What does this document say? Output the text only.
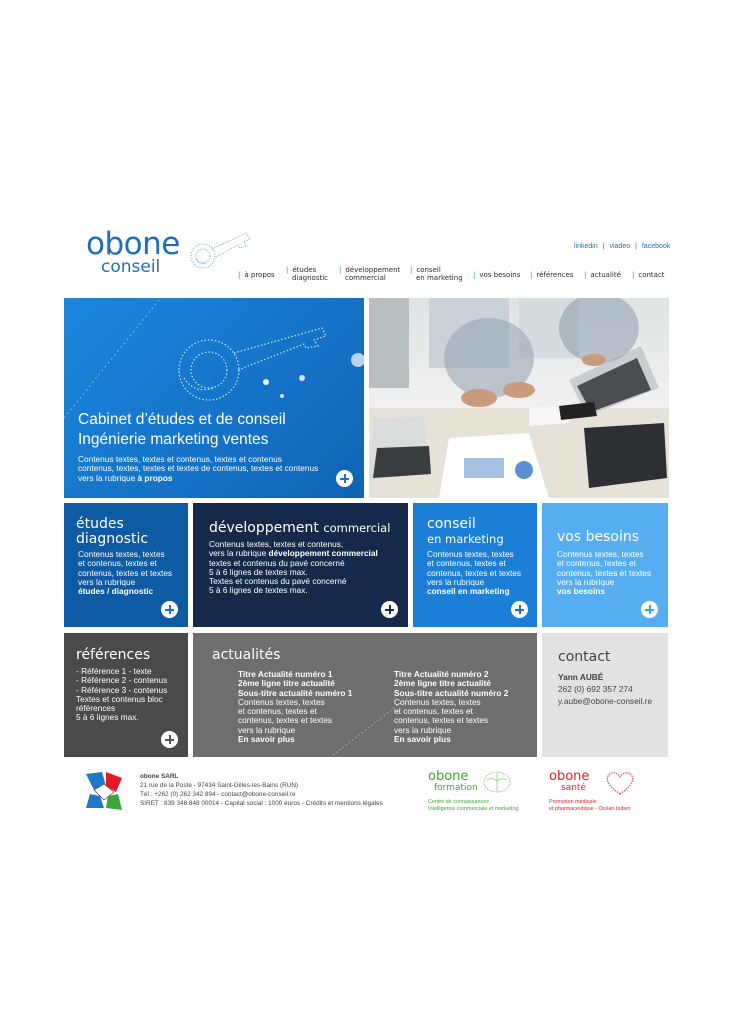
obone
conseil
linkedin | viadeo | facebook
| à propos
| études
diagnostic
| développement
commercial
| conseil
en marketing | vos besoins | références | actualité | contact
Cabinet d’études et de conseil
Ingénierie marketing ventes
Contenus textes, textes et contenus, textes et contenus
contenus, textes, textes et textes de contenus, textes et contenus
vers la rubrique à propos
études
diagnostic
Contenus textes, textes
et contenus, textes et
contenus, textes et textes
vers la rubrique
études / diagnostic
développement commercial
Contenus textes, textes et contenus,
vers la rubrique développement commercial
textes et contenus du pavé concerné
5 à 6 lignes de textes max.
Textes et contenus du pavé concerné
5 à 6 lignes de textes max.
conseil
en marketing
Contenus textes, textes
et contenus, textes et
contenus, textes et textes
vers la rubrique
conseil en marketing
vos besoins
Contenus textes, textes
et contenus, textes et
contenus, textes et textes
vers la rubrique
vos besoins
références
- Référence 1 - texte
- Référence 2 - contenus
- Référence 3 - contenus
Textes et contenus bloc
références
5 à 6 lignes max.
actualités
Titre Actualité numéro 1
2ème ligne titre actualité
Sous-titre actualité numéro 1
Contenus textes, textes
et contenus, textes et
contenus, textes et textes
vers la rubrique
En savoir plus
Titre Actualité numéro 2
2ème ligne titre actualité
Sous-titre actualité numéro 2
Contenus textes, textes
et contenus, textes et
contenus, textes et textes
vers la rubrique
En savoir plus
contact
Yann AUBÉ
262 (0) 692 357 274
y.aube@obone-conseil.re
obone SARL
21 rue de la Poste - 97434 Saint-Gilles-les-Bains (RUN)
Tél : +262 (0) 262 342 894 - contact@obone-conseil.re
SIRET : 839 346 848 00014 - Capital social : 1000 euros - Crédits et mentions légales
obone
formation
Centre de connaissances
Intelligence commerciale et marketing
obone
santé
Promotion médicale
et pharmaceutique - Océan Indien
